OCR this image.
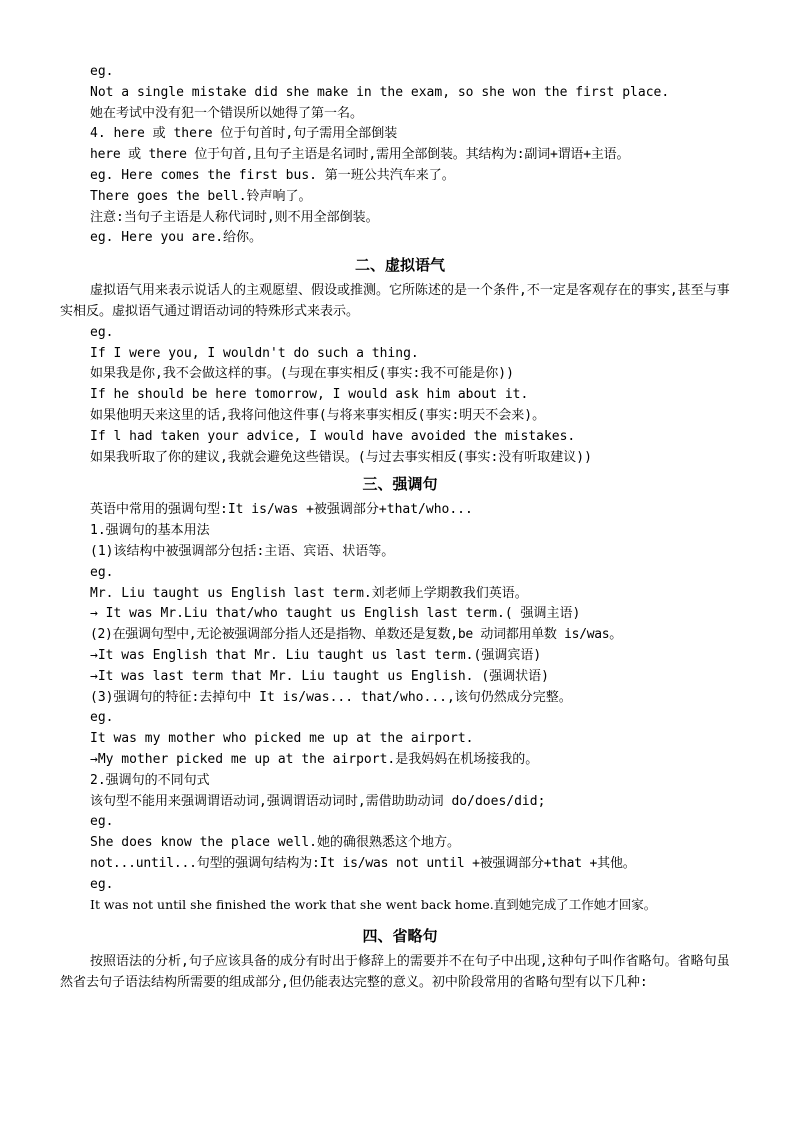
eg.

Not a single mistake did she make in the exam, so she won the first place.

她在考试中没有犯一个错误所以她得了第一名。

4. here 或 there 位于句首时,句子需用全部倒装

here 或 there 位于句首,且句子主语是名词时,需用全部倒装。其结构为:副词+谓语+主语。

eg. Here comes the first bus. 第一班公共汽车来了。

There goes the bell.铃声响了。

注意:当句子主语是人称代词时,则不用全部倒装。

eg. Here you are.给你。

二、虚拟语气

虚拟语气用来表示说话人的主观愿望、假设或推测。它所陈述的是一个条件,不一定是客观存在的事实,甚至与事实相反。虚拟语气通过谓语动词的特殊形式来表示。

eg.

If I were you, I wouldn't do such a thing.

如果我是你,我不会做这样的事。(与现在事实相反(事实:我不可能是你))

If he should be here tomorrow, I would ask him about it.

如果他明天来这里的话,我将问他这件事(与将来事实相反(事实:明天不会来)。

If l had taken your advice, I would have avoided the mistakes.

如果我听取了你的建议,我就会避免这些错误。(与过去事实相反(事实:没有听取建议))

三、强调句

英语中常用的强调句型:It is/was +被强调部分+that/who...

1.强调句的基本用法

(1)该结构中被强调部分包括:主语、宾语、状语等。

eg.

Mr. Liu taught us English last term.刘老师上学期教我们英语。

→ It was Mr.Liu that/who taught us English last term.( 强调主语)

(2)在强调句型中,无论被强调部分指人还是指物、单数还是复数,be 动词都用单数 is/was。

→It was English that Mr. Liu taught us last term.(强调宾语)

→It was last term that Mr. Liu taught us English. (强调状语)

(3)强调句的特征:去掉句中 It is/was... that/who...,该句仍然成分完整。

eg.

It was my mother who picked me up at the airport.

→My mother picked me up at the airport.是我妈妈在机场接我的。

2.强调句的不同句式

该句型不能用来强调谓语动词,强调谓语动词时,需借助助动词 do/does/did;

eg.

She does know the place well.她的确很熟悉这个地方。

not...until...句型的强调句结构为:It is/was not until +被强调部分+that +其他。

eg.

It was not until she finished the work that she went back home.直到她完成了工作她才回家。

四、省略句

按照语法的分析,句子应该具备的成分有时出于修辞上的需要并不在句子中出现,这种句子叫作省略句。省略句虽然省去句子语法结构所需要的组成部分,但仍能表达完整的意义。初中阶段常用的省略句型有以下几种:
